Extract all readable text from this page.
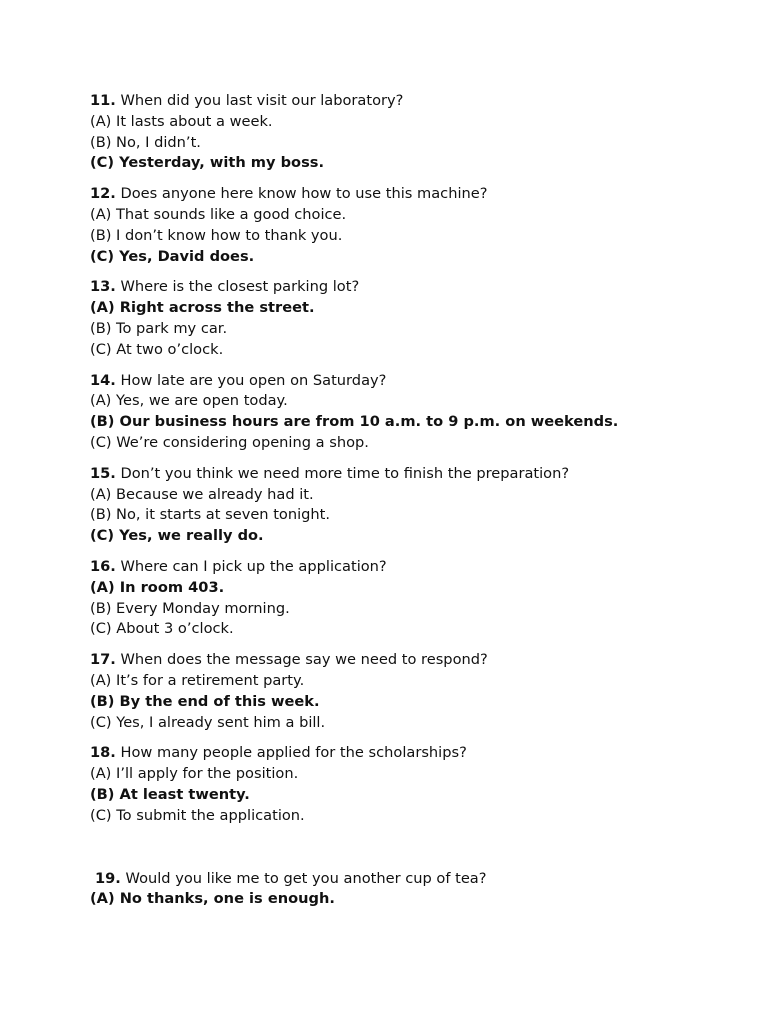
11. When did you last visit our laboratory?
(A) It lasts about a week.
(B) No, I didn’t.
(C) Yesterday, with my boss.
12. Does anyone here know how to use this machine?
(A) That sounds like a good choice.
(B) I don’t know how to thank you.
(C) Yes, David does.
13. Where is the closest parking lot?
(A) Right across the street.
(B) To park my car.
(C) At two o’clock.
14. How late are you open on Saturday?
(A) Yes, we are open today.
(B) Our business hours are from 10 a.m. to 9 p.m. on weekends.
(C) We’re considering opening a shop.
15. Don’t you think we need more time to finish the preparation?
(A) Because we already had it.
(B) No, it starts at seven tonight.
(C) Yes, we really do.
16. Where can I pick up the application?
(A) In room 403.
(B) Every Monday morning.
(C) About 3 o’clock.
17. When does the message say we need to respond?
(A) It’s for a retirement party.
(B) By the end of this week.
(C) Yes, I already sent him a bill.
18. How many people applied for the scholarships?
(A) I’ll apply for the position.
(B) At least twenty.
(C) To submit the application.
19. Would you like me to get you another cup of tea?
(A) No thanks, one is enough.
